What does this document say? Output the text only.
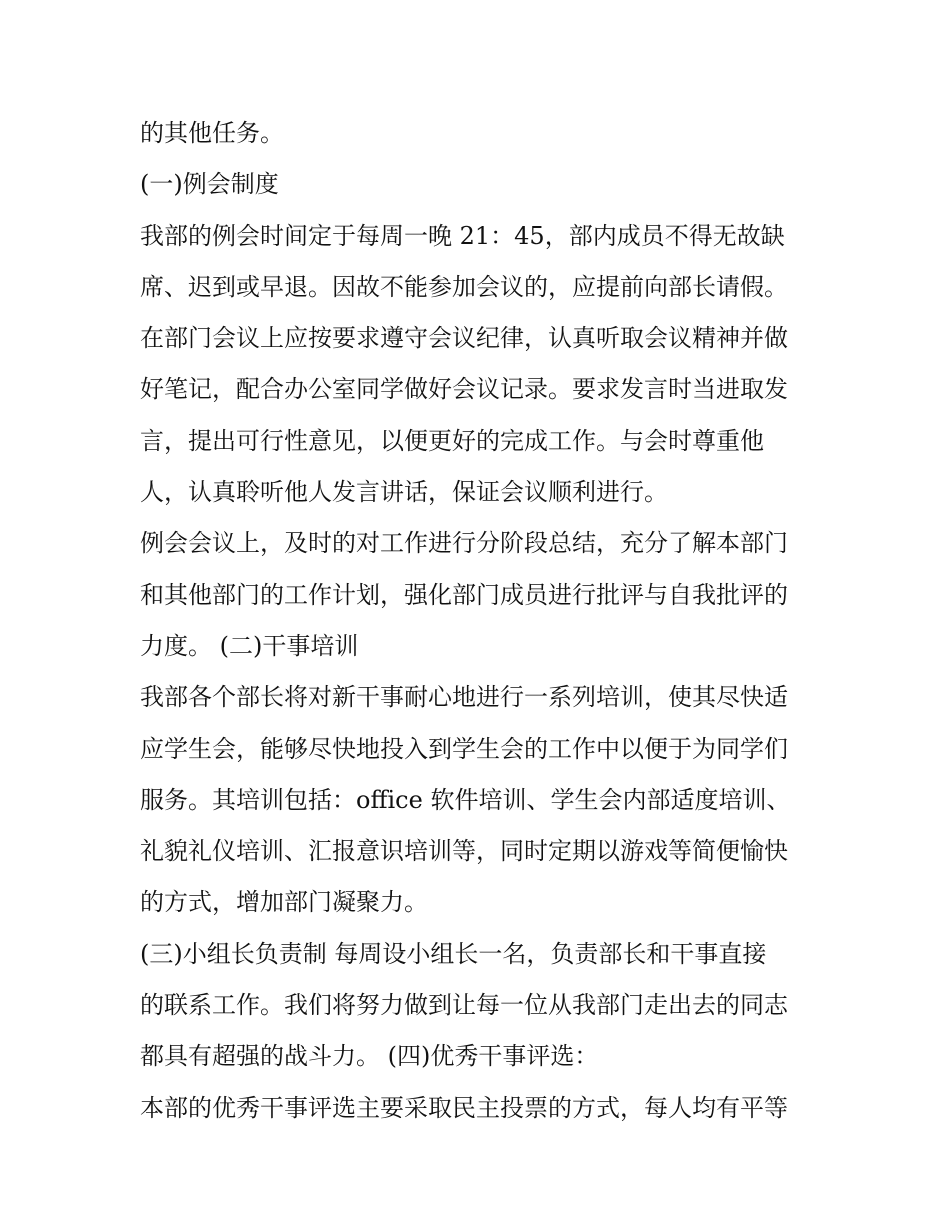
的其他任务。
(一)例会制度
我部的例会时间定于每周一晚 21：45，部内成员不得无故缺
席、迟到或早退。因故不能参加会议的，应提前向部长请假。
在部门会议上应按要求遵守会议纪律，认真听取会议精神并做
好笔记，配合办公室同学做好会议记录。要求发言时当进取发
言，提出可行性意见，以便更好的完成工作。与会时尊重他
人，认真聆听他人发言讲话，保证会议顺利进行。
例会会议上，及时的对工作进行分阶段总结，充分了解本部门
和其他部门的工作计划，强化部门成员进行批评与自我批评的
力度。 (二)干事培训
我部各个部长将对新干事耐心地进行一系列培训，使其尽快适
应学生会，能够尽快地投入到学生会的工作中以便于为同学们
服务。其培训包括：office 软件培训、学生会内部适度培训、
礼貌礼仪培训、汇报意识培训等，同时定期以游戏等简便愉快
的方式，增加部门凝聚力。
(三)小组长负责制 每周设小组长一名，负责部长和干事直接
的联系工作。我们将努力做到让每一位从我部门走出去的同志
都具有超强的战斗力。 (四)优秀干事评选：
本部的优秀干事评选主要采取民主投票的方式，每人均有平等
